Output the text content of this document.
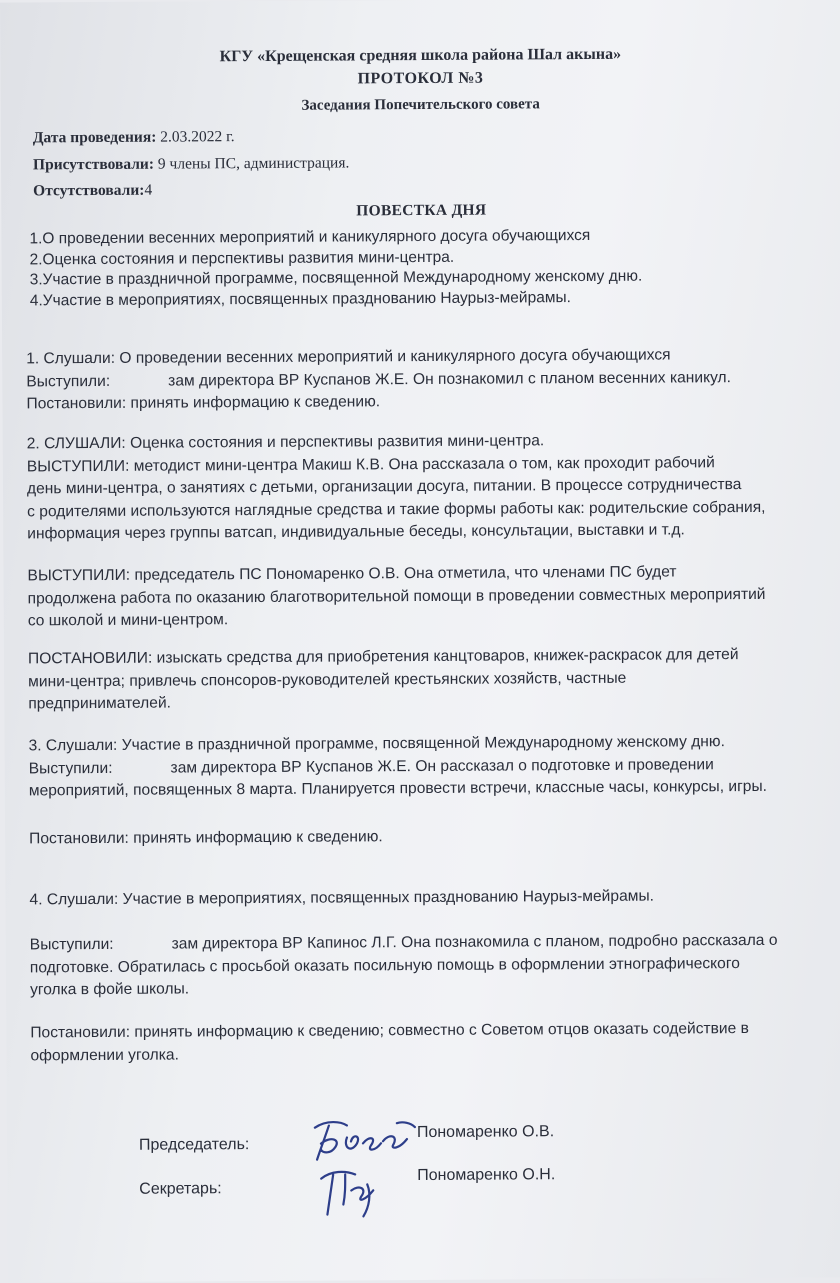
КГУ «Крещенская средняя школа района Шал акына»

ПРОТОКОЛ №3

Заседания Попечительского совета

Дата проведения: 2.03.2022 г.

Присутствовали: 9 члены ПС, администрация.

Отсутствовали:4

ПОВЕСТКА ДНЯ

1.О проведении весенних мероприятий и каникулярного досуга обучающихся
2.Оценка состояния и перспективы развития мини-центра.
3.Участие в праздничной программе, посвященной Международному женскому дню.
4.Участие в мероприятиях, посвященных празднованию Наурыз-мейрамы.
1. Слушали: О проведении весенних мероприятий и каникулярного досуга обучающихся
Выступили:	зам директора ВР Куспанов Ж.Е. Он познакомил с планом весенних каникул.
Постановили: принять информацию к сведению.
2. СЛУШАЛИ: Оценка состояния и перспективы развития мини-центра.
ВЫСТУПИЛИ: методист мини-центра Макиш К.В. Она рассказала о том, как проходит рабочий
день мини-центра, о занятиях с детьми, организации досуга, питании. В процессе сотрудничества
с родителями используются наглядные средства и такие формы работы как: родительские собрания,
информация через группы ватсап, индивидуальные беседы, консультации, выставки и т.д.
ВЫСТУПИЛИ: председатель ПС Пономаренко О.В. Она отметила, что членами ПС будет
продолжена работа по оказанию благотворительной помощи в проведении совместных мероприятий
со школой и мини-центром.
ПОСТАНОВИЛИ: изыскать средства для приобретения канцтоваров, книжек-раскрасок для детей
мини-центра; привлечь спонсоров-руководителей крестьянских хозяйств, частные
предпринимателей.
3. Слушали: Участие в праздничной программе, посвященной Международному женскому дню.
Выступили:	зам директора ВР Куспанов Ж.Е. Он рассказал о подготовке и проведении
мероприятий, посвященных 8 марта. Планируется провести встречи, классные часы, конкурсы, игры.
Постановили: принять информацию к сведению.
4. Слушали: Участие в мероприятиях, посвященных празднованию Наурыз-мейрамы.
Выступили:	зам директора ВР Капинос Л.Г. Она познакомила с планом, подробно рассказала о
подготовке. Обратилась с просьбой оказать посильную помощь в оформлении этнографического
уголка в фойе школы.
Постановили: принять информацию к сведению; совместно с Советом отцов оказать содействие в
оформлении уголка.
Председатель:
Пономаренко О.В.
Секретарь:
Пономаренко О.Н.
